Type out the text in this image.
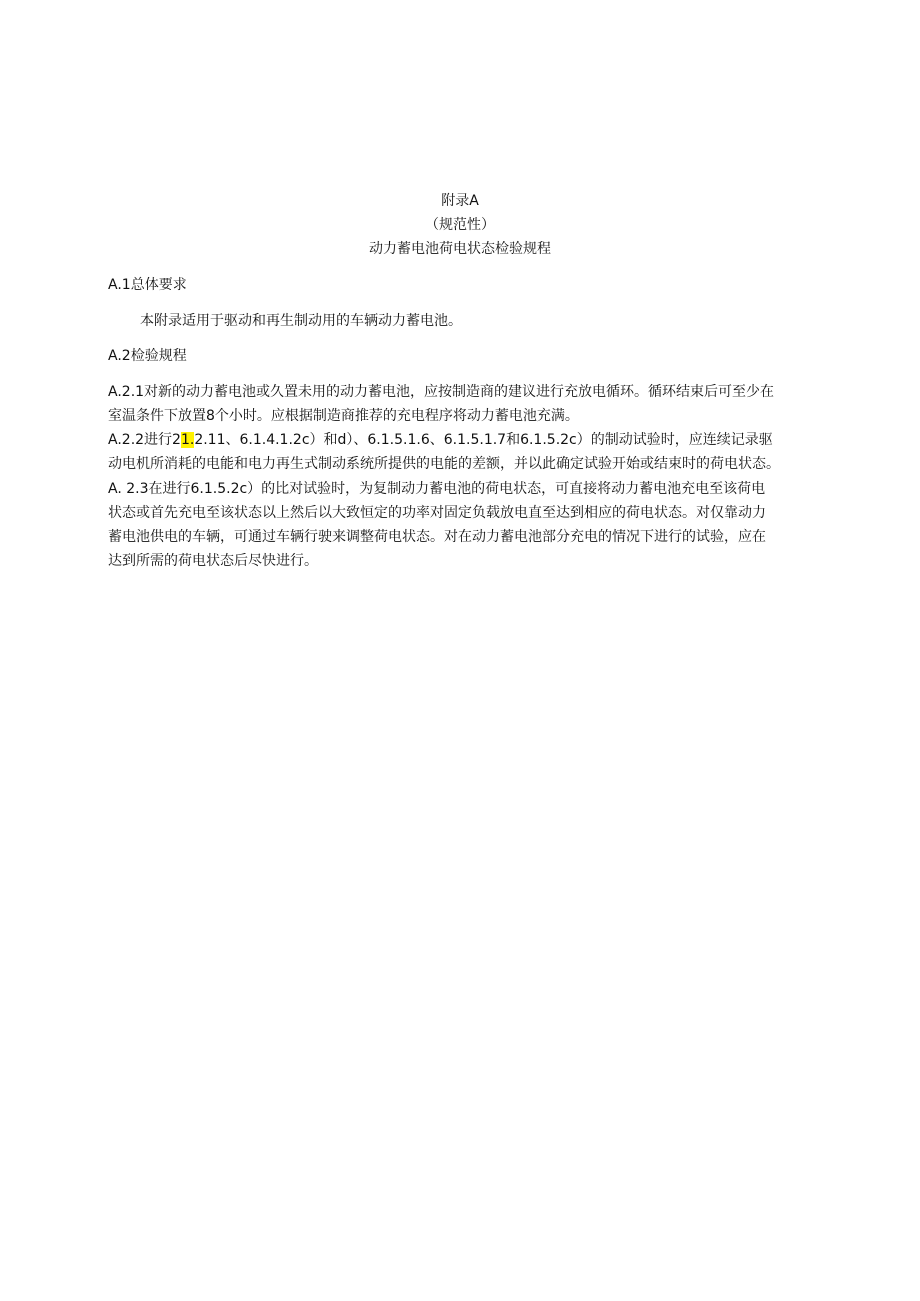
附录A
（规范性）
动力蓄电池荷电状态检验规程
A.1总体要求
本附录适用于驱动和再生制动用的车辆动力蓄电池。
A.2检验规程
A.2.1对新的动力蓄电池或久置未用的动力蓄电池，应按制造商的建议进行充放电循环。循环结束后可至少在
室温条件下放置8个小时。应根据制造商推荐的充电程序将动力蓄电池充满。
A.2.2进行21.2.11、6.1.4.1.2c）和d）、6.1.5.1.6、6.1.5.1.7和6.1.5.2c）的制动试验时，应连续记录驱
动电机所消耗的电能和电力再生式制动系统所提供的电能的差额，并以此确定试验开始或结束时的荷电状态。
A. 2.3在进行6.1.5.2c）的比对试验时，为复制动力蓄电池的荷电状态，可直接将动力蓄电池充电至该荷电
状态或首先充电至该状态以上然后以大致恒定的功率对固定负载放电直至达到相应的荷电状态。对仅靠动力
蓄电池供电的车辆，可通过车辆行驶来调整荷电状态。对在动力蓄电池部分充电的情况下进行的试验，应在
达到所需的荷电状态后尽快进行。
